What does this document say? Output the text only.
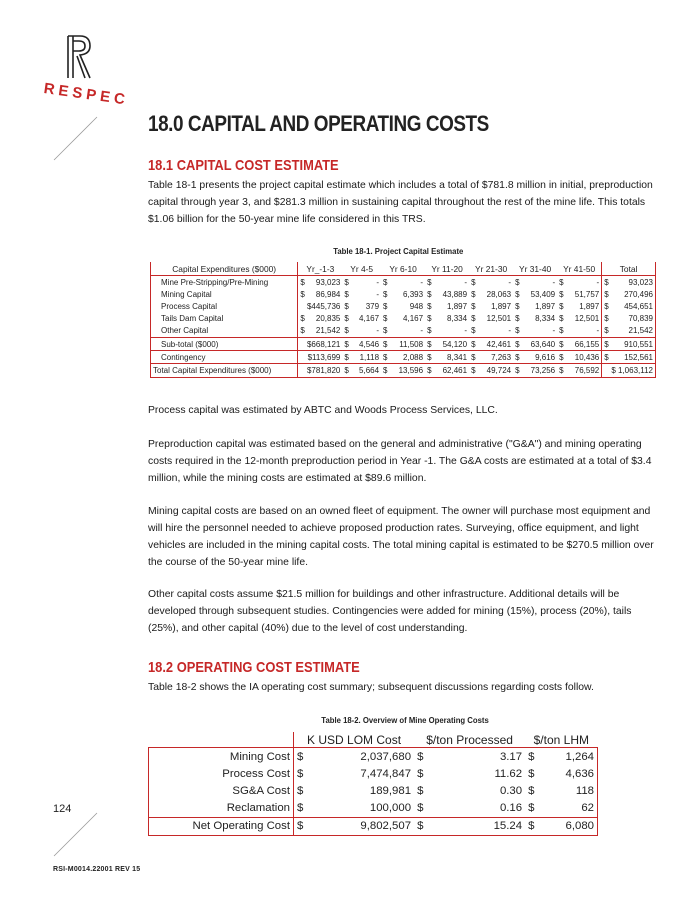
RESPEC
18.0 CAPITAL AND OPERATING COSTS
18.1 CAPITAL COST ESTIMATE
Table 18-1 presents the project capital estimate which includes a total of $781.8 million in initial, preproduction capital through year 3, and $281.3 million in sustaining capital throughout the rest of the mine life. This totals $1.06 billion for the 50-year mine life considered in this TRS.
Table 18-1. Project Capital Estimate
Capital Expenditures ($000)	Yr_-1-3		Yr 4-5		Yr 6-10		Yr 11-20		Yr 21-30		Yr 31-40		Yr 41-50		Total	
Mine Pre-Stripping/Pre-Mining	$	93,023	$	-	$	-	$	-	$	-	$	-	$	-	$	93,023
Mining Capital	$	86,984	$	-	$	6,393	$	43,889	$	28,063	$	53,409	$	51,757	$	270,496
Process Capital	$445,736		$	379	$	948	$	1,897	$	1,897	$	1,897	$	1,897	$	454,651
Tails Dam Capital	$	20,835	$	4,167	$	4,167	$	8,334	$	12,501	$	8,334	$	12,501	$	70,839
Other Capital	$	21,542	$	-	$	-	$	-	$	-	$	-	$	-	$	21,542
Sub-total ($000)	$668,121		$	4,546	$	11,508	$	54,120	$	42,461	$	63,640	$	66,155	$	910,551
Contingency	$113,699		$	1,118	$	2,088	$	8,341	$	7,263	$	9,616	$	10,436	$	152,561
Total Capital Expenditures ($000)	$781,820		$	5,664	$	13,596	$	62,461	$	49,724	$	73,256	$	76,592	$ 1,063,112	
Process capital was estimated by ABTC and Woods Process Services, LLC.
Preproduction capital was estimated based on the general and administrative ("G&A") and mining operating costs required in the 12-month preproduction period in Year -1. The G&A costs are estimated at a total of $3.4 million, while the mining costs are estimated at $89.6 million.
Mining capital costs are based on an owned fleet of equipment. The owner will purchase most equipment and will hire the personnel needed to achieve proposed production rates. Surveying, office equipment, and light vehicles are included in the mining capital costs. The total mining capital is estimated to be $270.5 million over the course of the 50-year mine life.
Other capital costs assume $21.5 million for buildings and other infrastructure. Additional details will be developed through subsequent studies. Contingencies were added for mining (15%), process (20%), tails (25%), and other capital (40%) due to the level of cost understanding.
18.2 OPERATING COST ESTIMATE
Table 18-2 shows the IA operating cost summary; subsequent discussions regarding costs follow.
Table 18-2. Overview of Mine Operating Costs
	K USD LOM Cost		$/ton Processed		$/ton LHM	
Mining Cost	$	2,037,680	$	3.17	$	1,264
Process Cost	$	7,474,847	$	11.62	$	4,636
SG&A Cost	$	189,981	$	0.30	$	118
Reclamation	$	100,000	$	0.16	$	62
Net Operating Cost	$	9,802,507	$	15.24	$	6,080
124
RSI-M0014.22001 REV 15
